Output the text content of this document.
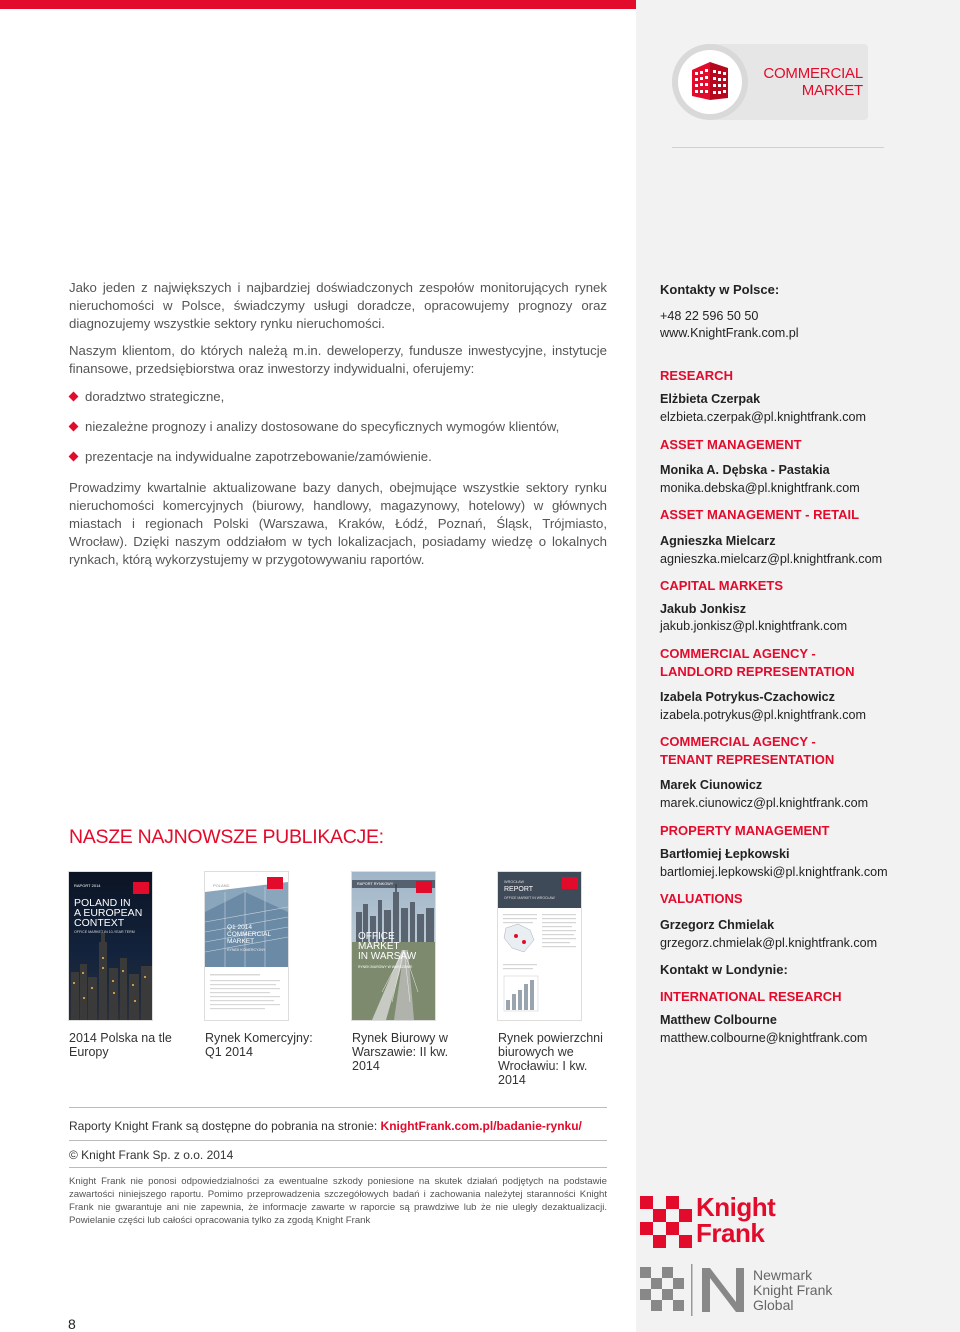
COMMERCIAL
MARKET

Jako jeden z największych i najbardziej doświadczonych zespołów monitorujących rynek nieruchomości w Polsce, świadczymy usługi doradcze, opracowujemy prognozy oraz diagnozujemy wszystkie sektory rynku nieruchomości.

Naszym klientom, do których należą m.in. deweloperzy, fundusze inwestycyjne, instytucje finansowe, przedsiębiorstwa oraz inwestorzy indywidualni, oferujemy:

doradztwo strategiczne,
niezależne prognozy i analizy dostosowane do specyficznych wymogów klientów,
prezentacje na indywidualne zapotrzebowanie/zamówienie.

Prowadzimy kwartalnie aktualizowane bazy danych, obejmujące wszystkie sektory rynku nieruchomości komercyjnych (biurowy, handlowy, magazynowy, hotelowy) w głównych miastach i regionach Polski (Warszawa, Kraków, Łódź, Poznań, Śląsk, Trójmiasto, Wrocław). Dzięki naszym oddziałom w tych lokalizacjach, posiadamy wiedzę o lokalnych rynkach, którą wykorzystujemy w przygotowywaniu raportów.

NASZE NAJNOWSZE PUBLIKACJE:
RAPORT 2014
POLAND IN
A EUROPEAN
CONTEXT
OFFICE MARKET IN 10-YEAR TERM
POLAND
Q1 2014
COMMERCIAL
MARKET
RYNEK KOMERCYJNY
RAPORT RYNKOWY
OFFICE
MARKET
IN WARSAW
RYNEK BIUROWY W WARSZAWIE
WROCŁAW
REPORT
OFFICE MARKET IN WROCŁAW
2014 Polska na tle Europy
Rynek Komercyjny: Q1 2014
Rynek Biurowy w Warszawie: II kw. 2014
Rynek powierzchni biurowych we Wrocławiu: I kw. 2014
Raporty Knight Frank są dostępne do pobrania na stronie: KnightFrank.com.pl/badanie-rynku/
© Knight Frank Sp. z o.o. 2014
Knight Frank nie ponosi odpowiedzialności za ewentualne szkody poniesione na skutek działań podjętych na podstawie zawartości niniejszego raportu. Pomimo przeprowadzenia szczegółowych badań i zachowania należytej staranności Knight Frank nie gwarantuje ani nie zapewnia, że informacje zawarte w raporcie są prawdziwe lub że nie uległy dezaktualizacji. Powielanie części lub całości opracowania tylko za zgodą Knight Frank
8
Kontakty w Polsce:
+48 22 596 50 50
www.KnightFrank.com.pl
RESEARCH
Elżbieta Czerpak
elzbieta.czerpak@pl.knightfrank.com
ASSET MANAGEMENT
Monika A. Dębska - Pastakia
monika.debska@pl.knightfrank.com
ASSET MANAGEMENT - RETAIL
Agnieszka Mielcarz
agnieszka.mielcarz@pl.knightfrank.com
CAPITAL MARKETS
Jakub Jonkisz
jakub.jonkisz@pl.knightfrank.com
COMMERCIAL AGENCY -
LANDLORD REPRESENTATION
Izabela Potrykus-Czachowicz
izabela.potrykus@pl.knightfrank.com
COMMERCIAL AGENCY -
TENANT REPRESENTATION
Marek Ciunowicz
marek.ciunowicz@pl.knightfrank.com
PROPERTY MANAGEMENT
Bartłomiej Łepkowski
bartlomiej.lepkowski@pl.knightfrank.com
VALUATIONS
Grzegorz Chmielak
grzegorz.chmielak@pl.knightfrank.com
Kontakt w Londynie:
INTERNATIONAL RESEARCH
Matthew Colbourne
matthew.colbourne@knightfrank.com
Knight
Frank
Newmark
Knight Frank
Global
